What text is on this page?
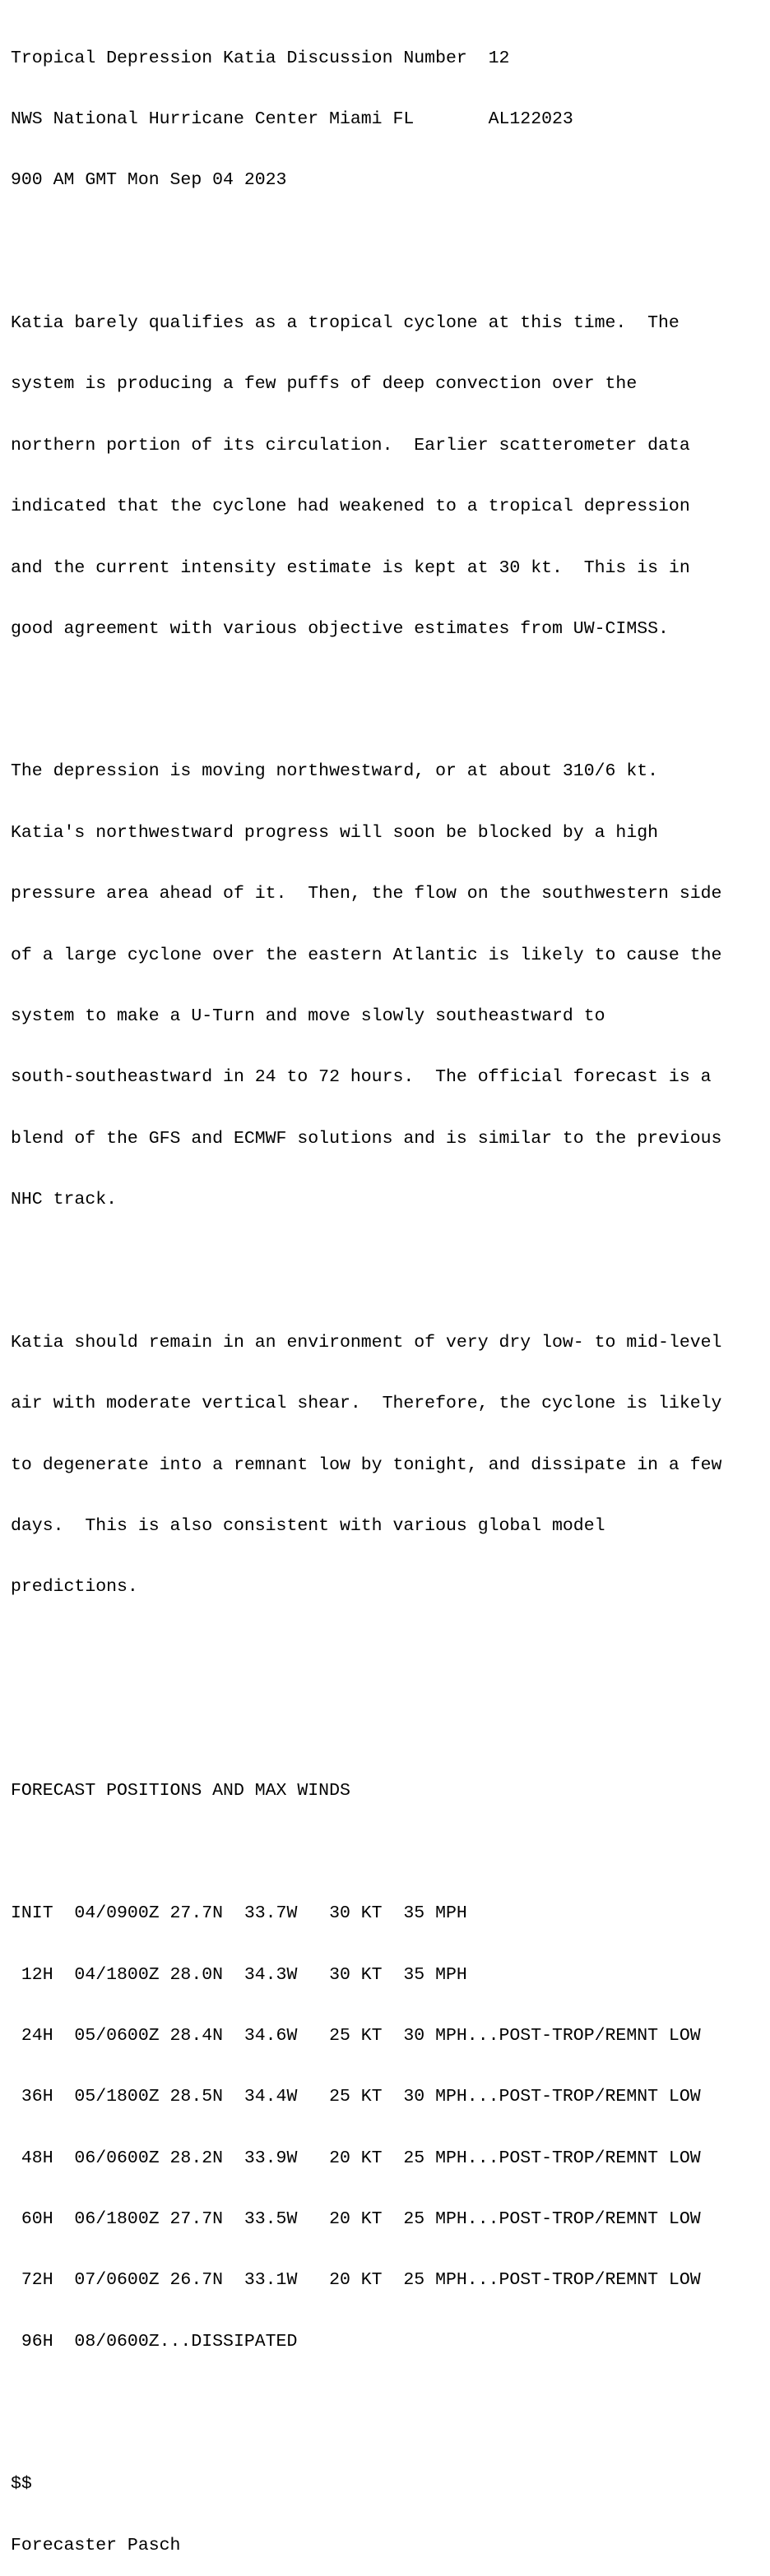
Tropical Depression Katia Discussion Number  12

NWS National Hurricane Center Miami FL       AL122023

900 AM GMT Mon Sep 04 2023

Katia barely qualifies as a tropical cyclone at this time.  The

system is producing a few puffs of deep convection over the

northern portion of its circulation.  Earlier scatterometer data

indicated that the cyclone had weakened to a tropical depression

and the current intensity estimate is kept at 30 kt.  This is in

good agreement with various objective estimates from UW-CIMSS.

The depression is moving northwestward, or at about 310/6 kt.

Katia's northwestward progress will soon be blocked by a high

pressure area ahead of it.  Then, the flow on the southwestern side

of a large cyclone over the eastern Atlantic is likely to cause the

system to make a U-Turn and move slowly southeastward to

south-southeastward in 24 to 72 hours.  The official forecast is a

blend of the GFS and ECMWF solutions and is similar to the previous

NHC track.

Katia should remain in an environment of very dry low- to mid-level

air with moderate vertical shear.  Therefore, the cyclone is likely

to degenerate into a remnant low by tonight, and dissipate in a few

days.  This is also consistent with various global model

predictions.

FORECAST POSITIONS AND MAX WINDS

INIT  04/0900Z 27.7N  33.7W   30 KT  35 MPH

12H  04/1800Z 28.0N  34.3W   30 KT  35 MPH

24H  05/0600Z 28.4N  34.6W   25 KT  30 MPH...POST-TROP/REMNT LOW

36H  05/1800Z 28.5N  34.4W   25 KT  30 MPH...POST-TROP/REMNT LOW

48H  06/0600Z 28.2N  33.9W   20 KT  25 MPH...POST-TROP/REMNT LOW

60H  06/1800Z 27.7N  33.5W   20 KT  25 MPH...POST-TROP/REMNT LOW

72H  07/0600Z 26.7N  33.1W   20 KT  25 MPH...POST-TROP/REMNT LOW

96H  08/0600Z...DISSIPATED

$$

Forecaster Pasch
